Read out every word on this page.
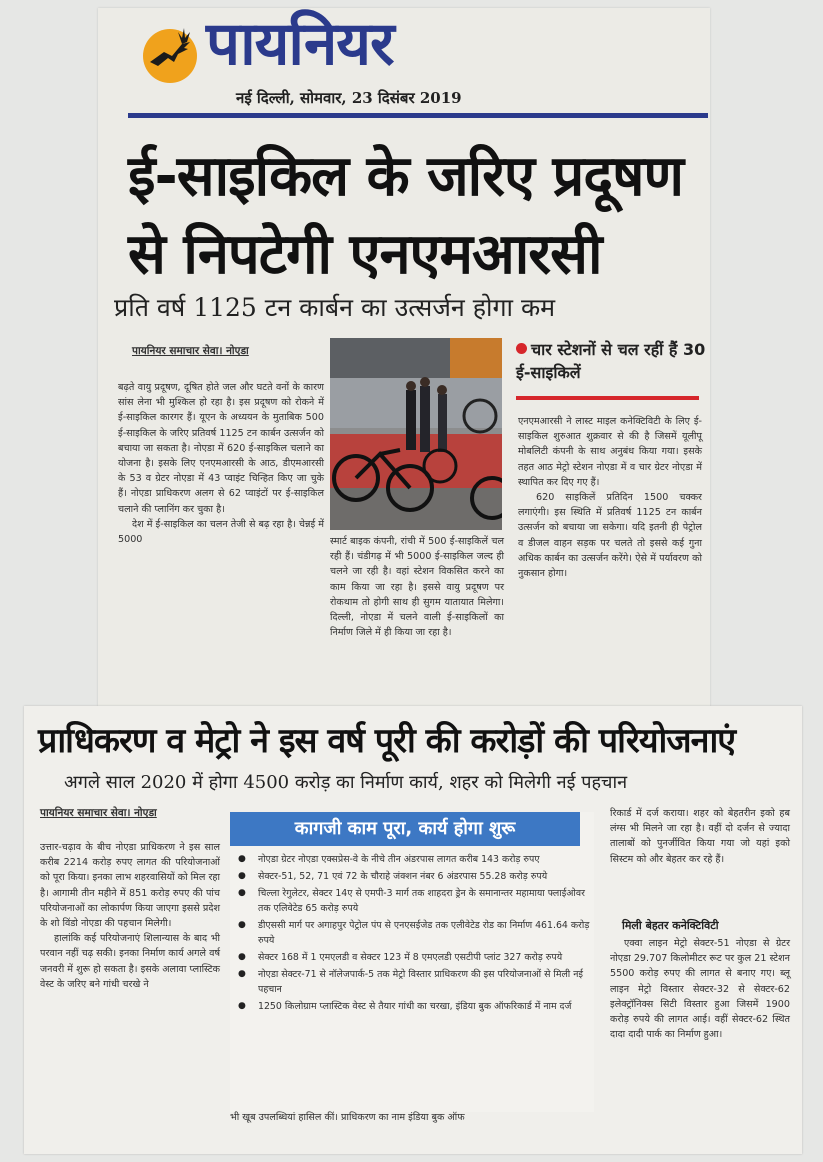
पायनियर
नई दिल्ली, सोमवार, 23 दिसंबर 2019
ई-साइकिल के जरिए प्रदूषण
से निपटेगी एनएमआरसी
प्रति वर्ष 1125 टन कार्बन का उत्सर्जन होगा कम
पायनियर समाचार सेवा। नोएडा

बढ़ते वायु प्रदूषण, दूषित होते जल और घटते वनों के कारण सांस लेना भी मुश्किल हो रहा है। इस प्रदूषण को रोकने में ई-साइकिल कारगर हैं। यूएन के अध्ययन के मुताबिक 500 ई-साइकिल के जरिए प्रतिवर्ष 1125 टन कार्बन उत्सर्जन को बचाया जा सकता है। नोएडा में 620 ई-साइकिल चलाने का योजना है। इसके लिए एनएमआरसी के आठ, डीएमआरसी के 53 व ग्रेटर नोएडा में 43 प्वाइंट चिन्हित किए जा चुके हैं। नोएडा प्राधिकरण अलग से 62 प्वाइंटों पर ई-साइकिल चलाने की प्लानिंग कर चुका है।

देश में ई-साइकिल का चलन तेजी से बढ़ रहा है। चेन्नई में 5000	स्मार्ट बाइक कंपनी, रांची में 500 ई-साइकिलें चल रही हैं। चंडीगढ़ में भी 5000 ई-साइकिल जल्द ही चलने जा रही है। वहां स्टेशन विकसित करने का काम किया जा रहा है। इससे वायु प्रदूषण पर रोकथाम तो होगी साथ ही सुगम यातायात मिलेगा। दिल्ली, नोएडा में चलने वाली ई-साइकिलों का निर्माण जिले में ही किया जा रहा है।

चार स्टेशनों से चल रहीं हैं 30 ई-साइकिलें

एनएमआरसी ने लास्ट माइल कनेक्टिविटी के लिए ई-साइकिल शुरुआत शुक्रवार से की है जिसमें यूलीपू मोबलिटी कंपनी के साथ अनुबंध किया गया। इसके तहत आठ मेट्रो स्टेशन नोएडा में व चार ग्रेटर नोएडा में स्थापित कर दिए गए हैं।

620 साइकिलें प्रतिदिन 1500 चक्कर लगाएंगी। इस स्थिति में प्रतिवर्ष 1125 टन कार्बन उत्सर्जन को बचाया जा सकेगा। यदि इतनी ही पेट्रोल व डीजल वाहन सड़क पर चलते तो इससे कई गुना अधिक कार्बन का उत्सर्जन करेंगे। ऐसे में पर्यावरण को नुकसान होगा।

प्राधिकरण व मेट्रो ने इस वर्ष पूरी की करोड़ों की परियोजनाएं
अगले साल 2020 में होगा 4500 करोड़ का निर्माण कार्य, शहर को मिलेगी नई पहचान
पायनियर समाचार सेवा। नोएडा

उत्तार-चढ़ाव के बीच नोएडा प्राधिकरण ने इस साल करीब 2214 करोड़ रुपए लागत की परियोजनाओं को पूरा किया। इनका लाभ शहरवासियों को मिल रहा है। आगामी तीन महीने में 851 करोड़ रुपए की पांच परियोजनाओं का लोकार्पण किया जाएगा इससे प्रदेश के शो विंडो नोएडा की पहचान मिलेगी।

हालांकि कई परियोजनाएं शिलान्यास के बाद भी परवान नहीं चढ़ सकी। इनका निर्माण कार्य अगले वर्ष जनवरी में शुरू हो सकता है। इसके अलावा प्लास्टिक वेस्ट के जरिए बने गांधी चरखे ने

कागजी काम पूरा, कार्य होगा शुरू
● नोएडा ग्रेटर नोएडा एक्सप्रेस-वे के नीचे तीन अंडरपास लागत करीब 143 करोड़ रुपए
● सेक्टर-51, 52, 71 एवं 72 के चौराहे जंक्शन नंबर 6 अंडरपास 55.28 करोड़ रुपये
● चिल्ला रेगुलेटर, सेक्टर 14ए से एमपी-3 मार्ग तक शाहदरा ड्रेन के समानान्तर महामाया फ्लाईओवर तक एलिवेटेड 65 करोड़ रुपये
● डीएससी मार्ग पर अगाहपुर पेट्रोल पंप से एनएसईजेड तक एलीवेटेड रोड का निर्माण 461.64 करोड़ रुपये
● सेक्टर 168 में 1 एमएलडी व सेक्टर 123 में 8 एमएलडी एसटीपी प्लांट 327 करोड़ रुपये
● नोएडा सेक्टर-71 से नॉलेजपार्क-5 तक मेट्रो विस्तार प्राधिकरण की इस परियोजनाओं से मिली नई पहचान
● 1250 किलोग्राम प्लास्टिक वेस्ट से तैयार गांधी का चरखा, इंडिया बुक ऑफरिकार्ड में नाम दर्ज
भी खूब उपलब्धियां हासिल कीं। प्राधिकरण का नाम इंडिया बुक ऑफ

रिकार्ड में दर्ज कराया। शहर को बेहतरीन इको हब लंग्स भी मिलने जा रहा है। वहीं दो दर्जन से ज्यादा तालाबों को पुनर्जीवित किया गया जो यहां इको सिस्टम को और बेहतर कर रहे हैं।

मिली बेहतर कनेक्टिविटी

एक्वा लाइन मेट्रो सेक्टर-51 नोएडा से ग्रेटर नोएडा 29.707 किलोमीटर रूट पर कुल 21 स्टेशन 5500 करोड़ रुपए की लागत से बनाए गए। ब्लू लाइन मेट्रो विस्तार सेक्टर-32 से सेक्टर-62 इलेक्ट्रॉनिक्स सिटी विस्तार हुआ जिसमें 1900 करोड़ रुपये की लागत आई। वहीं सेक्टर-62 स्थित दादा दादी पार्क का निर्माण हुआ।
